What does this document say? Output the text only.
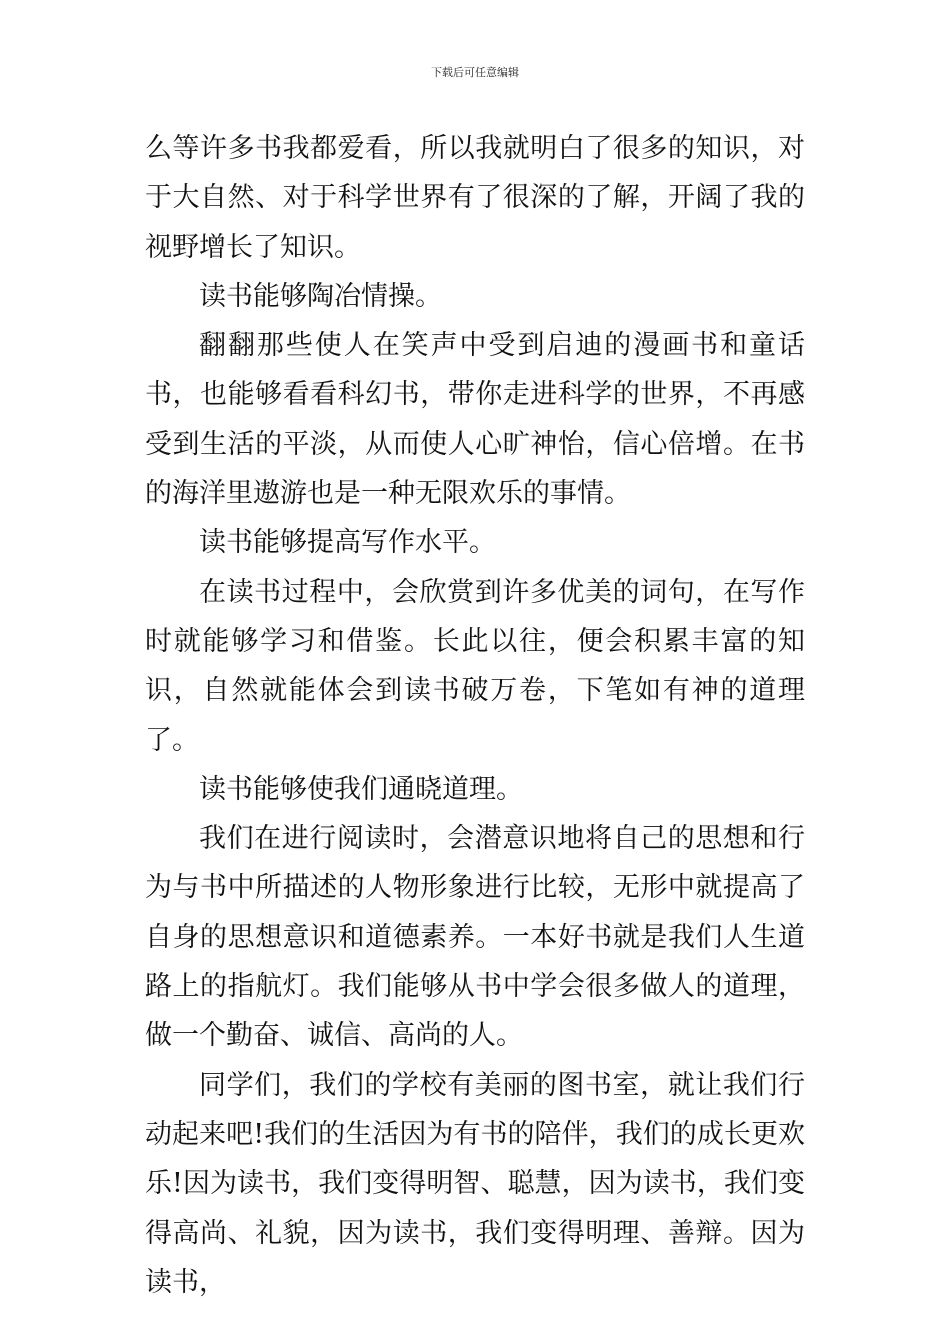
下载后可任意编辑

么等许多书我都爱看，所以我就明白了很多的知识，对于大自然、对于科学世界有了很深的了解，开阔了我的视野增长了知识。

读书能够陶冶情操。

翻翻那些使人在笑声中受到启迪的漫画书和童话书，也能够看看科幻书，带你走进科学的世界，不再感受到生活的平淡，从而使人心旷神怡，信心倍增。在书的海洋里遨游也是一种无限欢乐的事情。

读书能够提高写作水平。

在读书过程中，会欣赏到许多优美的词句，在写作时就能够学习和借鉴。长此以往，便会积累丰富的知识，自然就能体会到读书破万卷，下笔如有神的道理了。

读书能够使我们通晓道理。

我们在进行阅读时，会潜意识地将自己的思想和行为与书中所描述的人物形象进行比较，无形中就提高了自身的思想意识和道德素养。一本好书就是我们人生道路上的指航灯。我们能够从书中学会很多做人的道理，做一个勤奋、诚信、高尚的人。

同学们，我们的学校有美丽的图书室，就让我们行动起来吧!我们的生活因为有书的陪伴，我们的成长更欢乐!因为读书，我们变得明智、聪慧，因为读书，我们变得高尚、礼貌，因为读书，我们变得明理、善辩。因为读书，
